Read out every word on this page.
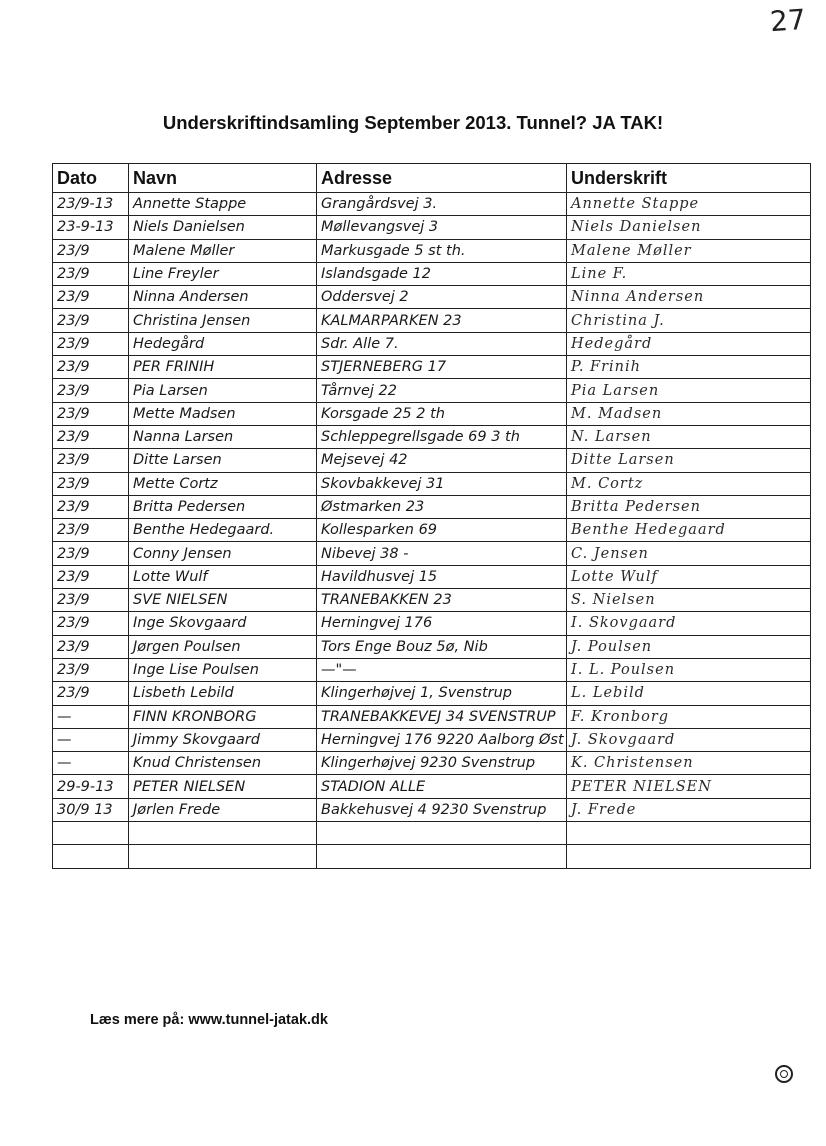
27
Underskriftindsamling September 2013. Tunnel? JA TAK!
Dato	Navn	Adresse	Underskrift
23/9-13	Annette Stappe	Grangårdsvej 3.	Annette Stappe
23-9-13	Niels Danielsen	Møllevangsvej 3	Niels Danielsen
23/9	Malene Møller	Markusgade 5 st th.	Malene Møller
23/9	Line Freyler	Islandsgade 12	Line F.
23/9	Ninna Andersen	Oddersvej 2	Ninna Andersen
23/9	Christina Jensen	KALMARPARKEN 23	Christina J.
23/9	Hedegård	Sdr. Alle 7.	Hedegård
23/9	PER FRINIH	STJERNEBERG 17	P. Frinih
23/9	Pia Larsen	Tårnvej 22	Pia Larsen
23/9	Mette Madsen	Korsgade 25 2 th	M. Madsen
23/9	Nanna Larsen	Schleppegrellsgade 69 3 th	N. Larsen
23/9	Ditte Larsen	Mejsevej 42	Ditte Larsen
23/9	Mette Cortz	Skovbakkevej 31	M. Cortz
23/9	Britta Pedersen	Østmarken 23	Britta Pedersen
23/9	Benthe Hedegaard.	Kollesparken 69	Benthe Hedegaard
23/9	Conny Jensen	Nibevej 38 -	C. Jensen
23/9	Lotte Wulf	Havildhusvej 15	Lotte Wulf
23/9	SVE NIELSEN	TRANEBAKKEN 23	S. Nielsen
23/9	Inge Skovgaard	Herningvej 176	I. Skovgaard
23/9	Jørgen Poulsen	Tors Enge Bouz 5ø, Nib	J. Poulsen
23/9	Inge Lise Poulsen	—"—	I. L. Poulsen
23/9	Lisbeth Lebild	Klingerhøjvej 1, Svenstrup	L. Lebild
—	FINN KRONBORG	TRANEBAKKEVEJ 34 SVENSTRUP	F. Kronborg
—	Jimmy Skovgaard	Herningvej 176 9220 Aalborg Øst	J. Skovgaard
—	Knud Christensen	Klingerhøjvej 9230 Svenstrup	K. Christensen
29-9-13	PETER NIELSEN	STADION ALLE	PETER NIELSEN
30/9 13	Jørlen Frede	Bakkehusvej 4 9230 Svenstrup	J. Frede

Læs mere på: www.tunnel-jatak.dk
